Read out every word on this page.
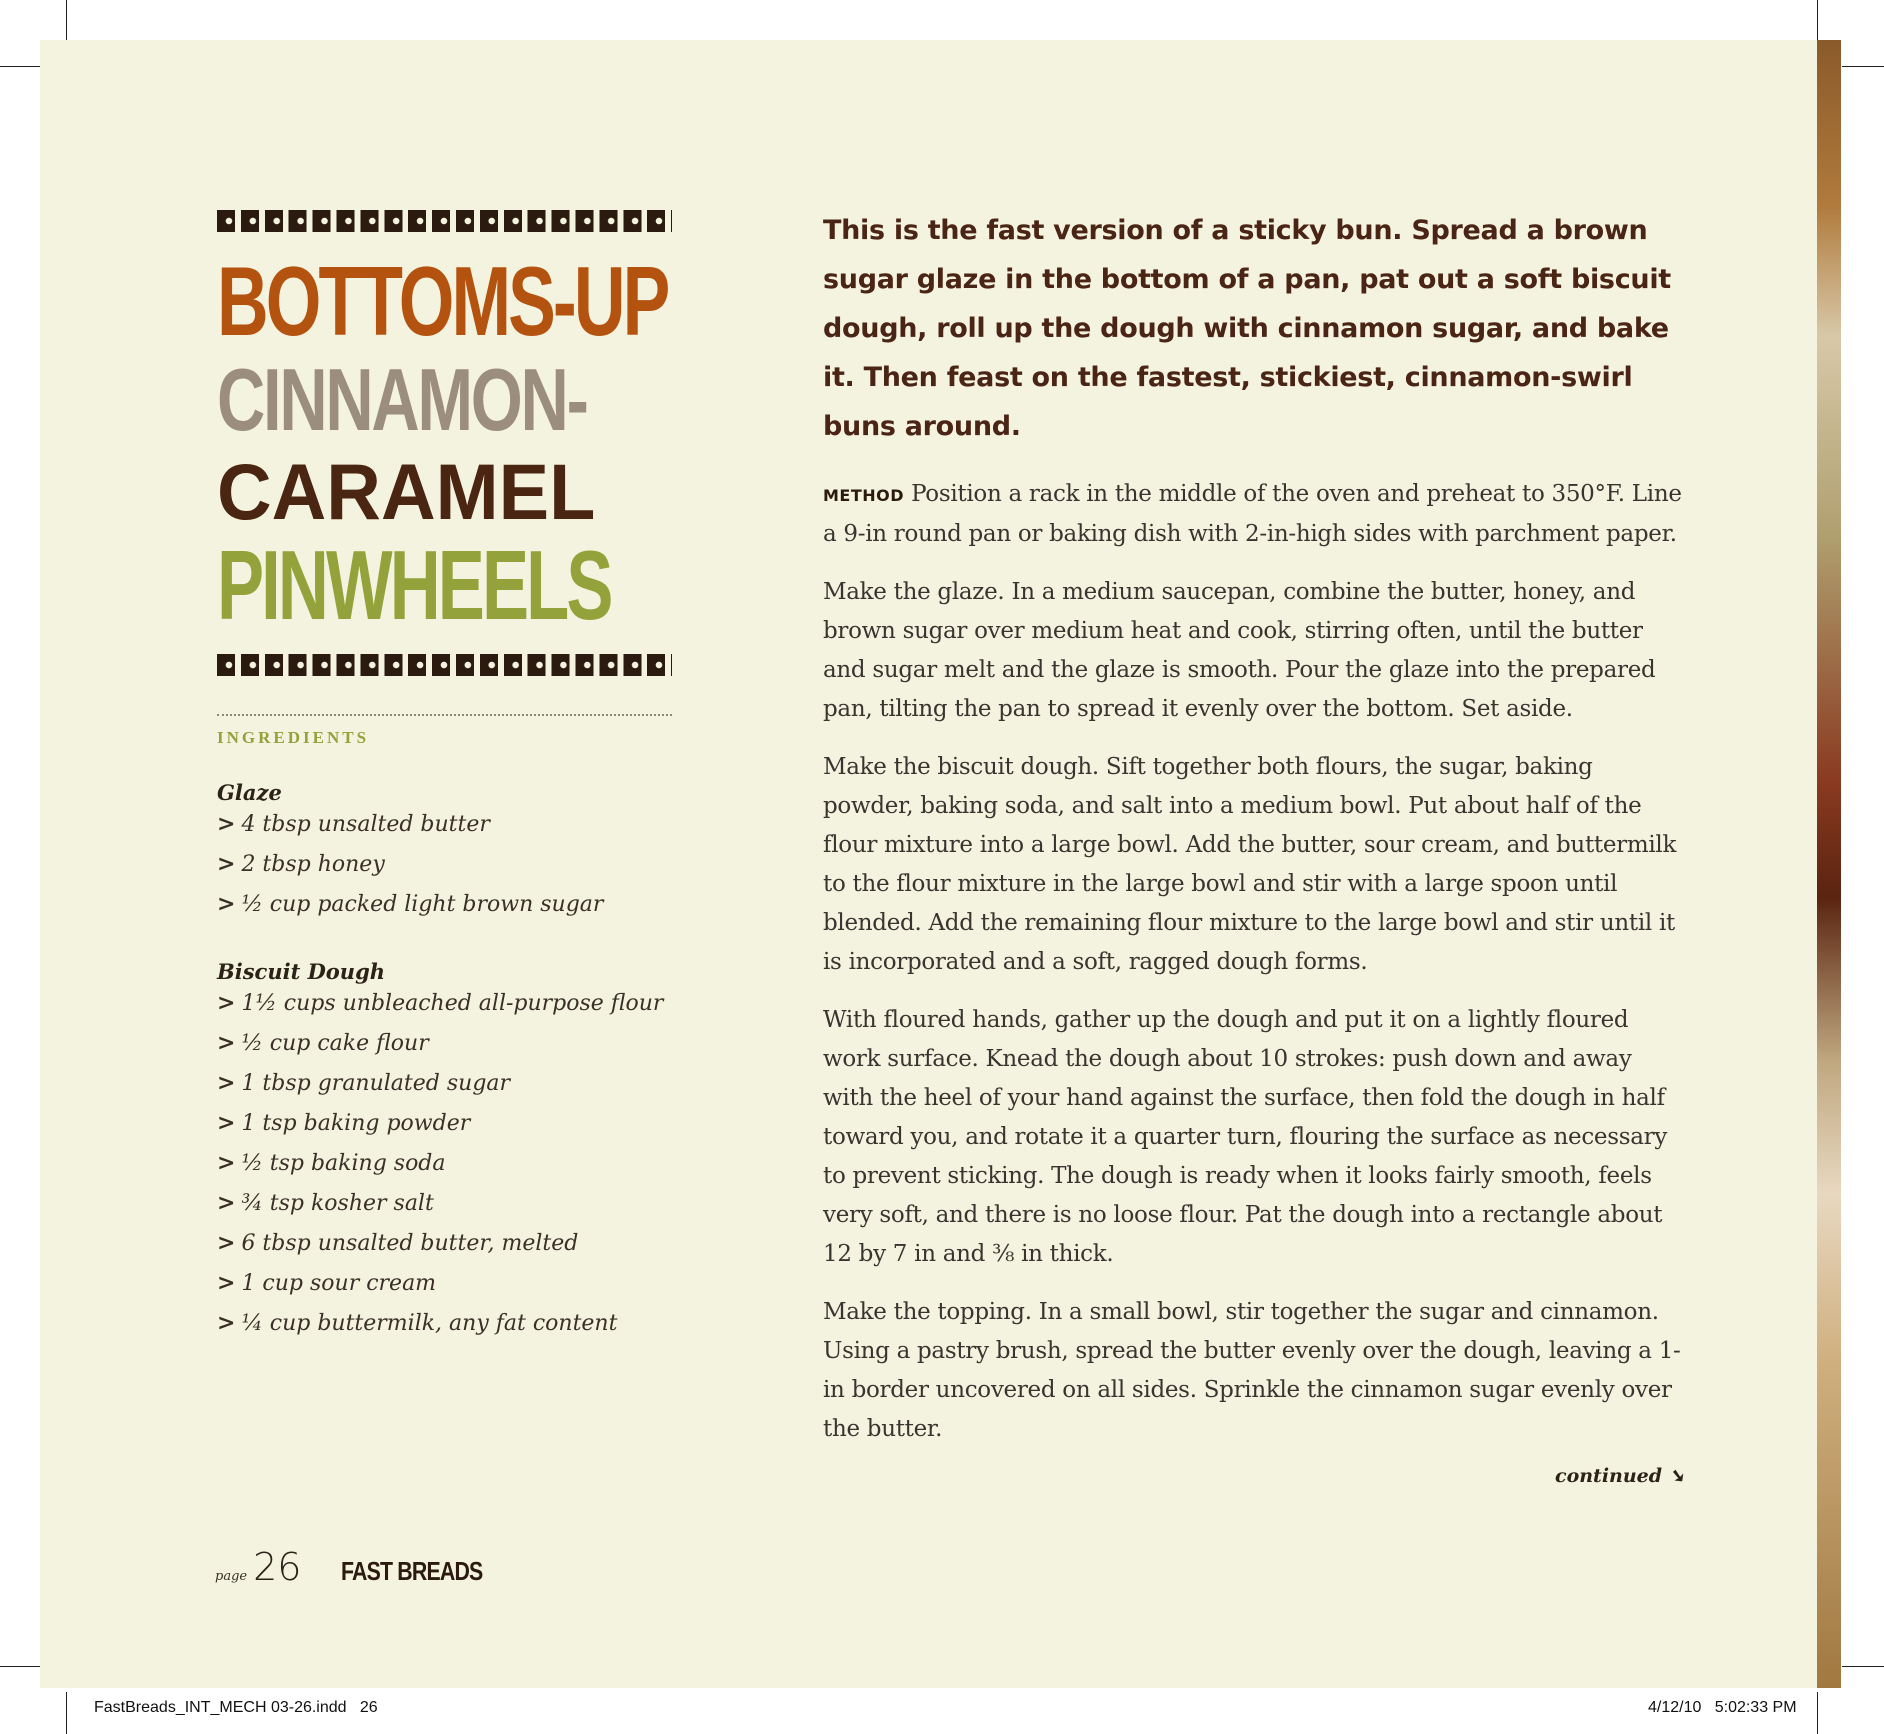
BOTTOMS-UP
CINNAMON-
CARAMEL
PINWHEELS
INGREDIENTS
Glaze
> 4 tbsp unsalted butter
> 2 tbsp honey
> ½ cup packed light brown sugar
Biscuit Dough
> 1½ cups unbleached all-purpose flour
> ½ cup cake flour
> 1 tbsp granulated sugar
> 1 tsp baking powder
> ½ tsp baking soda
> ¾ tsp kosher salt
> 6 tbsp unsalted butter, melted
> 1 cup sour cream
> ¼ cup buttermilk, any fat content

This is the fast version of a sticky bun. Spread a brown sugar glaze in the bottom of a pan, pat out a soft biscuit dough, roll up the dough with cinnamon sugar, and bake it. Then feast on the fastest, stickiest, cinnamon-swirl buns around.

METHOD Position a rack in the middle of the oven and preheat to 350°F. Line a 9-in round pan or baking dish with 2-in-high sides with parchment paper.

Make the glaze. In a medium saucepan, combine the butter, honey, and brown sugar over medium heat and cook, stirring often, until the butter and sugar melt and the glaze is smooth. Pour the glaze into the prepared pan, tilting the pan to spread it evenly over the bottom. Set aside.

Make the biscuit dough. Sift together both flours, the sugar, baking powder, baking soda, and salt into a medium bowl. Put about half of the flour mixture into a large bowl. Add the butter, sour cream, and buttermilk to the flour mixture in the large bowl and stir with a large spoon until blended. Add the remaining flour mixture to the large bowl and stir until it is incorporated and a soft, ragged dough forms.

With floured hands, gather up the dough and put it on a lightly floured work surface. Knead the dough about 10 strokes: push down and away with the heel of your hand against the surface, then fold the dough in half toward you, and rotate it a quarter turn, flouring the surface as necessary to prevent sticking. The dough is ready when it looks fairly smooth, feels very soft, and there is no loose flour. Pat the dough into a rectangle about 12 by 7 in and ⅜ in thick.

Make the topping. In a small bowl, stir together the sugar and cinnamon. Using a pastry brush, spread the butter evenly over the dough, leaving a 1-in border uncovered on all sides. Sprinkle the cinnamon sugar evenly over the butter.

continued ➘
page 26 FAST BREADS
FastBreads_INT_MECH 03-26.indd   26	4/12/10   5:02:33 PM
